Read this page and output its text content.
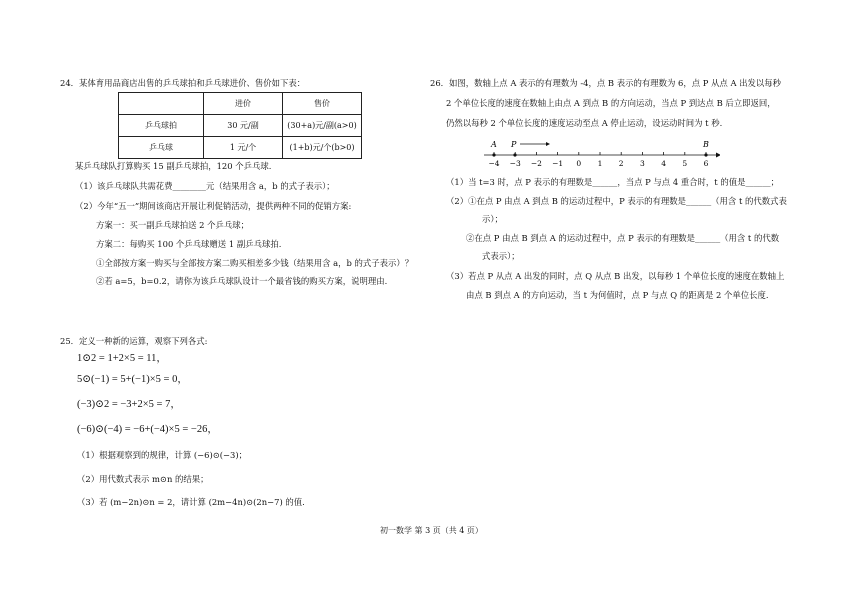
24．某体育用品商店出售的乒乓球拍和乒乓球进价、售价如下表：
	进价	售价
乒乓球拍	30 元/副	(30+a)元/副(a>0)
乒乓球	1 元/个	(1+b)元/个(b>0)
某乒乓球队打算购买 15 副乒乓球拍，120 个乒乓球.
（1）该乒乓球队共需花费________元（结果用含 a，b 的式子表示）；
（2）今年“五一”期间该商店开展让利促销活动，提供两种不同的促销方案:
方案一：买一副乒乓球拍送 2 个乒乓球；
方案二：每购买 100 个乒乓球赠送 1 副乒乓球拍.
①全部按方案一购买与全部按方案二购买相差多少钱（结果用含 a，b 的式子表示）？
②若 a=5，b=0.2，请你为该乒乓球队设计一个最省钱的购买方案，说明理由.
25．定义一种新的运算，观察下列各式:
1⊙2 = 1+2×5 = 11，
5⊙(−1) = 5+(−1)×5 = 0，
(−3)⊙2 = −3+2×5 = 7，
(−6)⊙(−4) = −6+(−4)×5 = −26，
（1）根据观察到的规律，计算 (−6)⊙(−3)；
（2）用代数式表示 m⊙n 的结果；
（3）若 (m−2n)⊙n = 2，请计算 (2m−4n)⊙(2n−7) 的值.
26．如图，数轴上点 A 表示的有理数为 -4，点 B 表示的有理数为 6，点 P 从点 A 出发以每秒
2 个单位长度的速度在数轴上由点 A 到点 B 的方向运动，当点 P 到达点 B 后立即返回，
仍然以每秒 2 个单位长度的速度运动至点 A 停止运动，设运动时间为 t 秒.
−4 −3 −2 −1 0 1 2 3 4 5 6
A P	B
（1）当 t=3 时，点 P 表示的有理数是______，当点 P 与点 4 重合时，t 的值是______；
（2）①在点 P 由点 A 到点 B 的运动过程中，P 表示的有理数是______（用含 t 的代数式表
示）；
②在点 P 由点 B 到点 A 的运动过程中，点 P 表示的有理数是______（用含 t 的代数
式表示）；
（3）若点 P 从点 A 出发的同时，点 Q 从点 B 出发，以每秒 1 个单位长度的速度在数轴上
由点 B 到点 A 的方向运动，当 t 为何值时，点 P 与点 Q 的距离是 2 个单位长度.
初一数学 第 3 页（共 4 页）
